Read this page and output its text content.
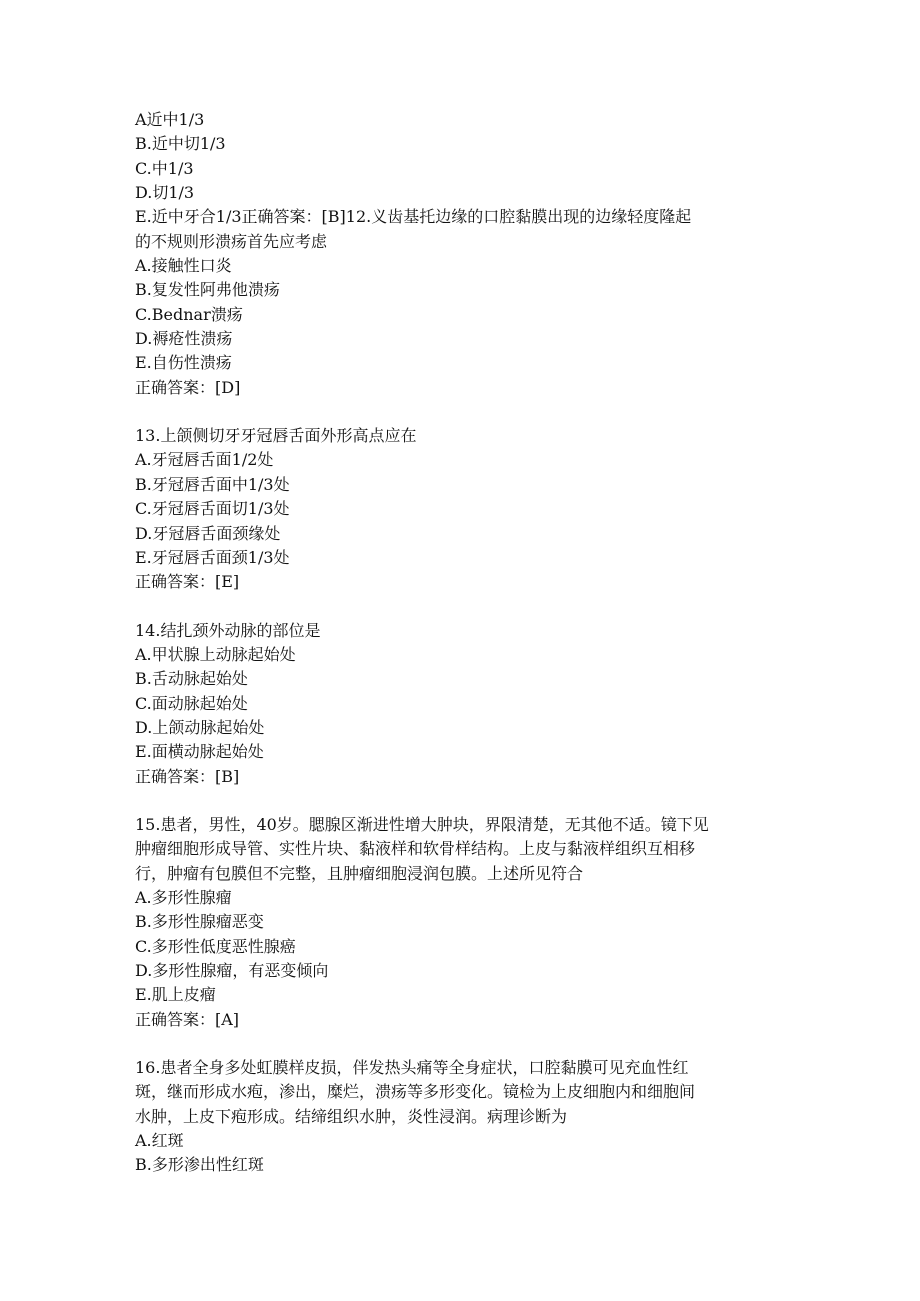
A近中1/3
B.近中切1/3
C.中1/3
D.切1/3
E.近中牙合1/3正确答案：[B]12.义齿基托边缘的口腔黏膜出现的边缘轻度隆起
的不规则形溃疡首先应考虑
A.接触性口炎
B.复发性阿弗他溃疡
C.Bednar溃疡
D.褥疮性溃疡
E.自伤性溃疡
正确答案：[D]
13.上颌侧切牙牙冠唇舌面外形高点应在
A.牙冠唇舌面1/2处
B.牙冠唇舌面中1/3处
C.牙冠唇舌面切1/3处
D.牙冠唇舌面颈缘处
E.牙冠唇舌面颈1/3处
正确答案：[E]
14.结扎颈外动脉的部位是
A.甲状腺上动脉起始处
B.舌动脉起始处
C.面动脉起始处
D.上颌动脉起始处
E.面横动脉起始处
正确答案：[B]
15.患者，男性，40岁。腮腺区渐进性增大肿块，界限清楚，无其他不适。镜下见
肿瘤细胞形成导管、实性片块、黏液样和软骨样结构。上皮与黏液样组织互相移
行，肿瘤有包膜但不完整，且肿瘤细胞浸润包膜。上述所见符合
A.多形性腺瘤
B.多形性腺瘤恶变
C.多形性低度恶性腺癌
D.多形性腺瘤，有恶变倾向
E.肌上皮瘤
正确答案：[A]
16.患者全身多处虹膜样皮损，伴发热头痛等全身症状，口腔黏膜可见充血性红
斑，继而形成水疱，渗出，糜烂，溃疡等多形变化。镜检为上皮细胞内和细胞间
水肿，上皮下疱形成。结缔组织水肿，炎性浸润。病理诊断为
A.红斑
B.多形渗出性红斑
